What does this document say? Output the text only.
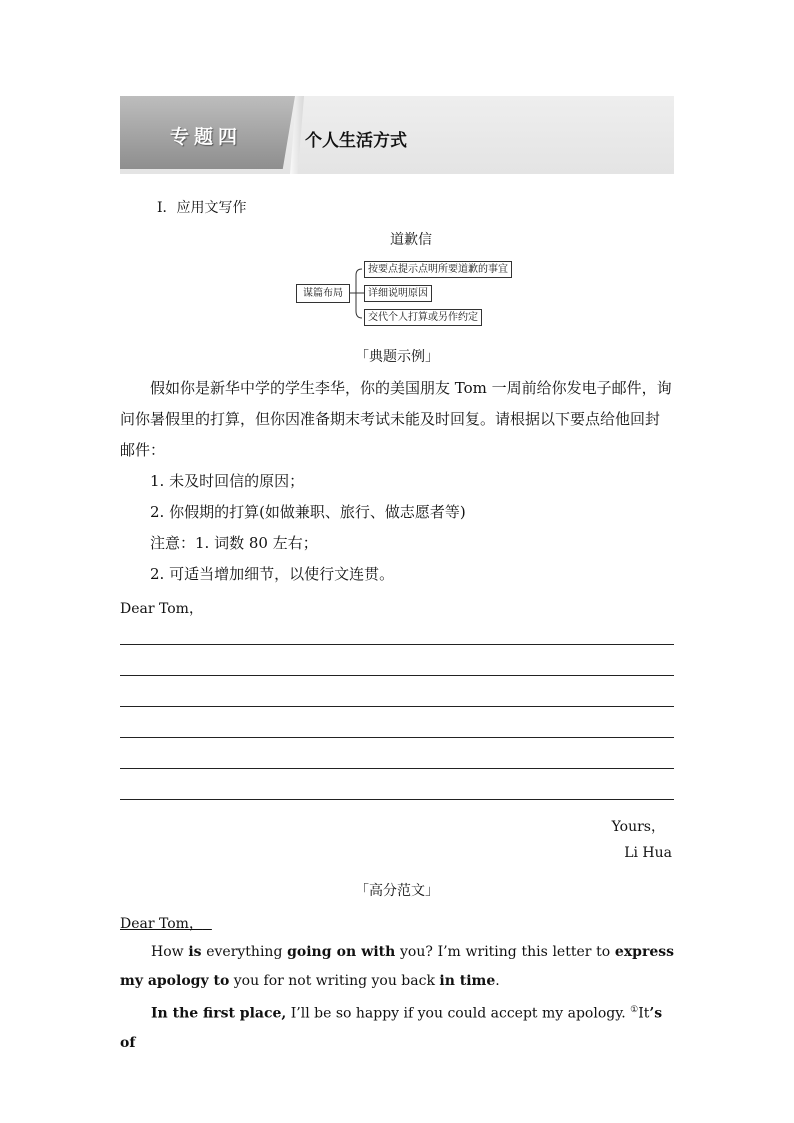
专题四	个人生活方式
Ⅰ．应用文写作
道歉信
谋篇布局
按要点提示点明所要道歉的事宜
详细说明原因
交代个人打算或另作约定
「典题示例」
假如你是新华中学的学生李华，你的美国朋友 Tom 一周前给你发电子邮件，询问你暑假里的打算，但你因准备期末考试未能及时回复。请根据以下要点给他回封邮件：
1. 未及时回信的原因；
2. 你假期的打算(如做兼职、旅行、做志愿者等)
注意：1. 词数 80 左右；
2. 可适当增加细节，以使行文连贯。
Dear Tom，
Yours，
Li Hua
「高分范文」
Dear Tom，

How is everything going on with you? I’m writing this letter to express my apology to you for not writing you back in time.

In the first place, I’ll be so happy if you could accept my apology. ①It’s of
